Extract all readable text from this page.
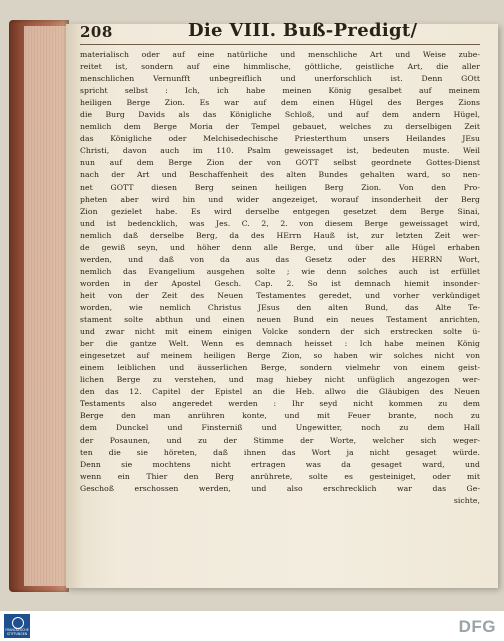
208	Die VIII. Buß-Predigt/
materialisch oder auf eine natürliche und menschliche Art und Weise zube-
reitet ist, sondern auf eine himmlische, göttliche, geistliche Art, die aller
menschlichen Vernunfft unbegreiflich und unerforschlich ist. Denn GOtt
spricht selbst : Ich, ich habe meinen König gesalbet auf meinem
heiligen Berge Zion. Es war auf dem einen Hügel des Berges Zions
die Burg Davids als das Königliche Schloß, und auf dem andern Hügel,
nemlich dem Berge Moria der Tempel gebauet, welches zu derselbigen Zeit
das Königliche oder Melchisedechische Priesterthum unsers Heilandes JEsu
Christi, davon auch im 110. Psalm geweissaget ist, bedeuten muste. Weil
nun auf dem Berge Zion der von GOTT selbst geordnete Gottes-Dienst
nach der Art und Beschaffenheit des alten Bundes gehalten ward, so nen-
net GOTT diesen Berg seinen heiligen Berg Zion. Von den Pro-
pheten aber wird hin und wider angezeiget, worauf insonderheit der Berg
Zion gezielet habe. Es wird derselbe entgegen gesetzet dem Berge Sinai,
und ist bedencklich, was Jes. C. 2, 2. von diesem Berge geweissaget wird,
nemlich daß derselbe Berg, da des HErrn Hauß ist, zur letzten Zeit wer-
de gewiß seyn, und höher denn alle Berge, und über alle Hügel erhaben
werden, und daß von da aus das Gesetz oder des HERRN Wort,
nemlich das Evangelium ausgehen solte ; wie denn solches auch ist erfüllet
worden in der Apostel Gesch. Cap. 2. So ist demnach hiemit insonder-
heit von der Zeit des Neuen Testamentes geredet, und vorher verkündiget
worden, wie nemlich Christus JEsus den alten Bund, das Alte Te-
stament solte abthun und einen neuen Bund ein neues Testament anrichten,
und zwar nicht mit einem einigen Volcke sondern der sich erstrecken solte ü-
ber die gantze Welt. Wenn es demnach heisset : Ich habe meinen König
eingesetzet auf meinem heiligen Berge Zion, so haben wir solches nicht von
einem leiblichen und äusserlichen Berge, sondern vielmehr von einem geist-
lichen Berge zu verstehen, und mag hiebey nicht unfüglich angezogen wer-
den das 12. Capitel der Epistel an die Heb. allwo die Gläubigen des Neuen
Testaments also angeredet werden : Ihr seyd nicht kommen zu dem
Berge den man anrühren konte, und mit Feuer brante, noch zu
dem Dunckel und Finsterniß und Ungewitter, noch zu dem Hall
der Posaunen, und zu der Stimme der Worte, welcher sich weger-
ten die sie höreten, daß ihnen das Wort ja nicht gesaget würde.
Denn sie mochtens nicht ertragen was da gesaget ward, und
wenn ein Thier den Berg anrührete, solte es gesteiniget, oder mit
Geschoß erschossen werden, und also erschrecklich war das Ge-
sichte,
FRANCKESCHE STIFTUNGEN	DFG
